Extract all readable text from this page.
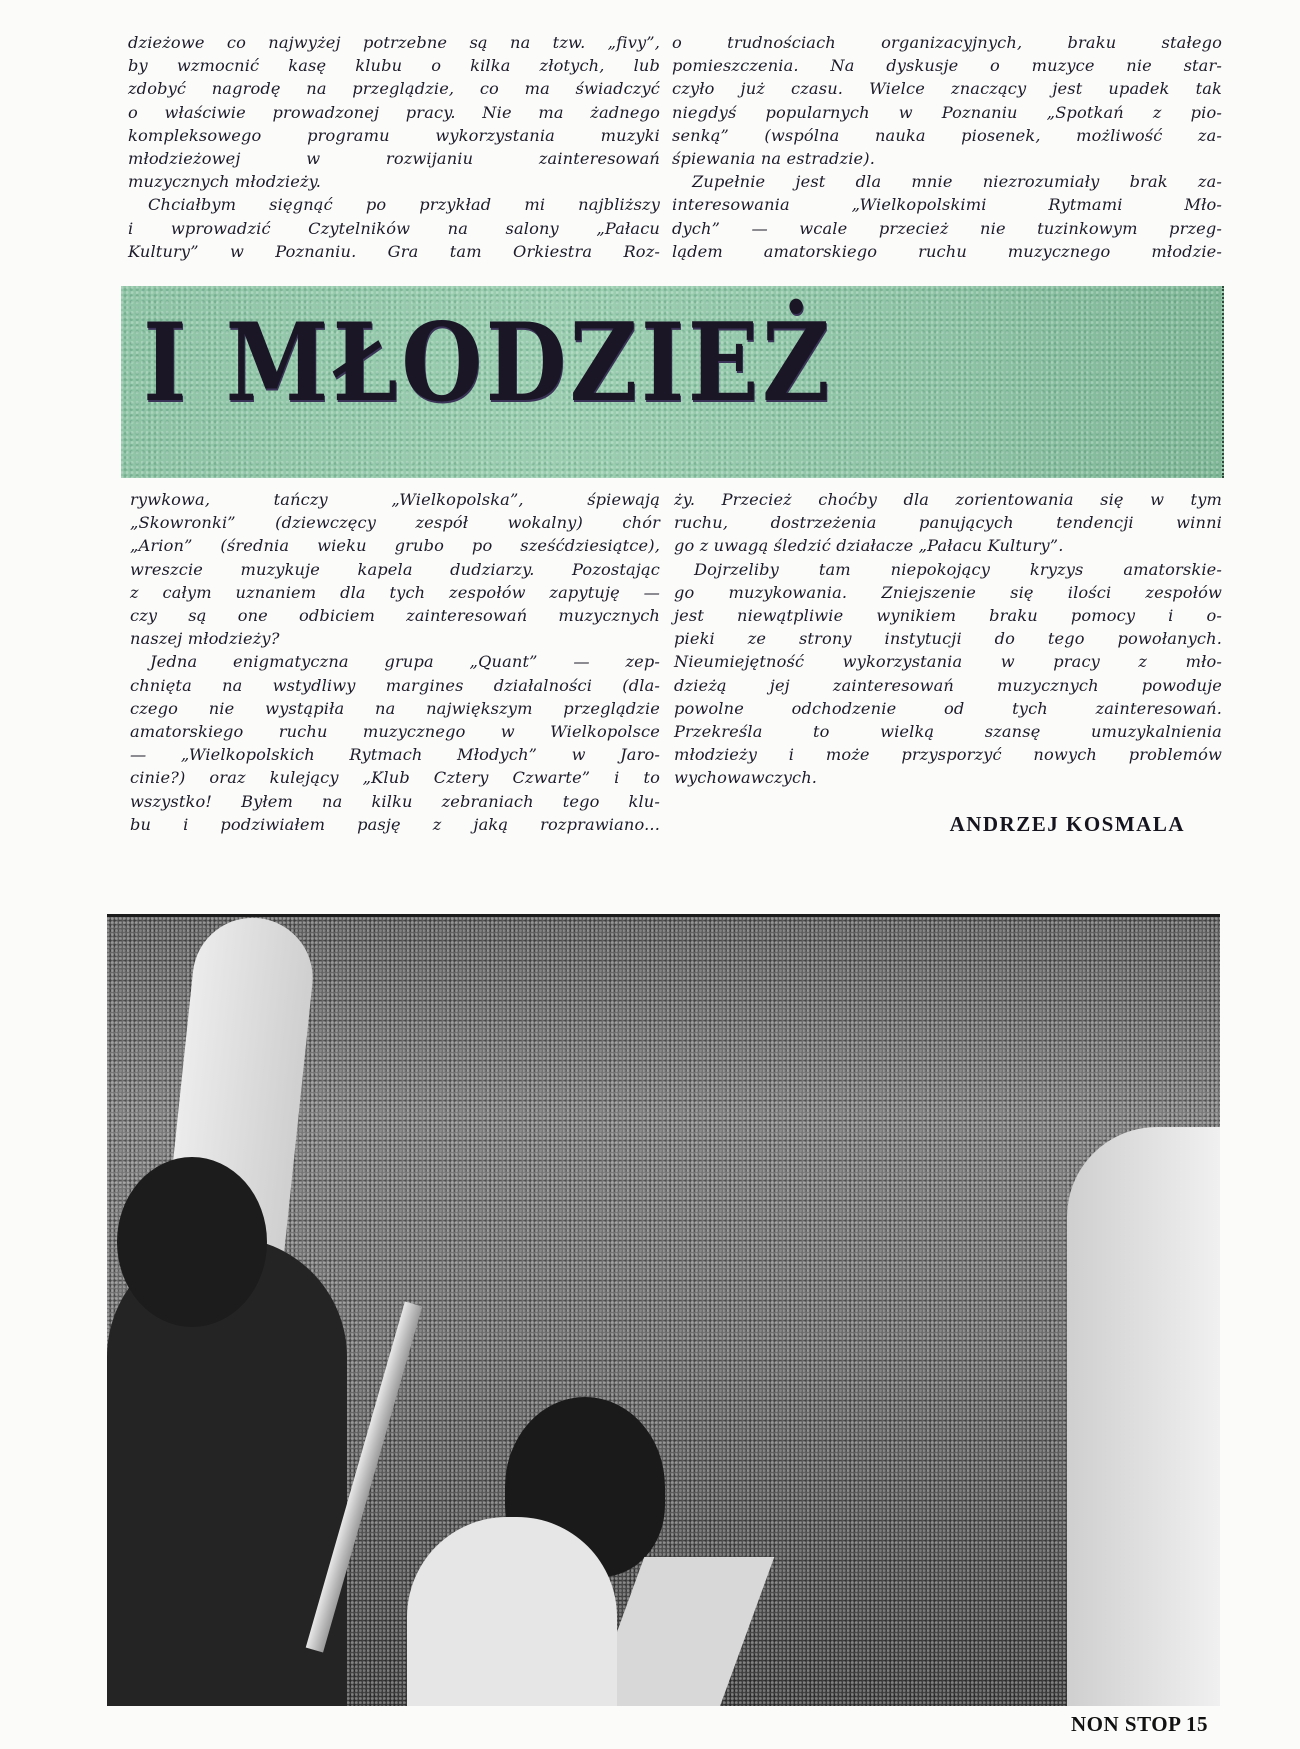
dzieżowe co najwyżej potrzebne są na tzw. „fivy”,
by wzmocnić kasę klubu o kilka złotych, lub
zdobyć nagrodę na przeglądzie, co ma świadczyć
o właściwie prowadzonej pracy. Nie ma żadnego
kompleksowego programu wykorzystania muzyki
młodzieżowej w rozwijaniu zainteresowań
muzycznych młodzieży.
Chciałbym sięgnąć po przykład mi najbliższy
i wprowadzić Czytelników na salony „Pałacu
Kultury” w Poznaniu. Gra tam Orkiestra Roz-
o trudnościach organizacyjnych, braku stałego
pomieszczenia. Na dyskusje o muzyce nie star-
czyło już czasu. Wielce znaczący jest upadek tak
niegdyś popularnych w Poznaniu „Spotkań z pio-
senką” (wspólna nauka piosenek, możliwość za-
śpiewania na estradzie).
Zupełnie jest dla mnie niezrozumiały brak za-
interesowania „Wielkopolskimi Rytmami Mło-
dych” — wcale przecież nie tuzinkowym przeg-
lądem amatorskiego ruchu muzycznego młodzie-
I MŁODZIEŻ
rywkowa, tańczy „Wielkopolska”, śpiewają
„Skowronki” (dziewczęcy zespół wokalny) chór
„Arion” (średnia wieku grubo po sześćdziesiątce),
wreszcie muzykuje kapela dudziarzy. Pozostając
z całym uznaniem dla tych zespołów zapytuję —
czy są one odbiciem zainteresowań muzycznych
naszej młodzieży?
Jedna enigmatyczna grupa „Quant” — zep-
chnięta na wstydliwy margines działalności (dla-
czego nie wystąpiła na największym przeglądzie
amatorskiego ruchu muzycznego w Wielkopolsce
— „Wielkopolskich Rytmach Młodych” w Jaro-
cinie?) oraz kulejący „Klub Cztery Czwarte” i to
wszystko! Byłem na kilku zebraniach tego klu-
bu i podziwiałem pasję z jaką rozprawiano...
ży. Przecież choćby dla zorientowania się w tym
ruchu, dostrzeżenia panujących tendencji winni
go z uwagą śledzić działacze „Pałacu Kultury”.
Dojrzeliby tam niepokojący kryzys amatorskie-
go muzykowania. Zniejszenie się ilości zespołów
jest niewątpliwie wynikiem braku pomocy i o-
pieki ze strony instytucji do tego powołanych.
Nieumiejętność wykorzystania w pracy z mło-
dzieżą jej zainteresowań muzycznych powoduje
powolne odchodzenie od tych zainteresowań.
Przekreśla to wielką szansę umuzykalnienia
młodzieży i może przysporzyć nowych problemów
wychowawczych.
ANDRZEJ KOSMALA
NON STOP 15
